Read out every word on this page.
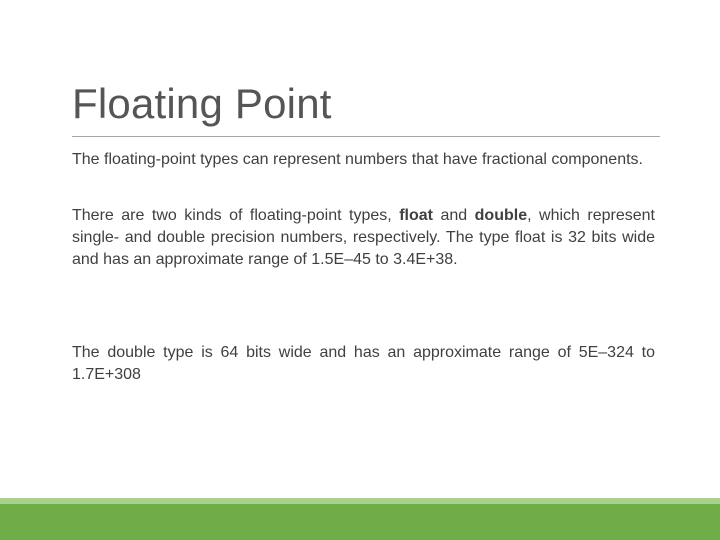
Floating Point
The floating-point types can represent numbers that have fractional components.
There are two kinds of floating-point types, float and double, which represent single- and double precision numbers, respectively. The type float is 32 bits wide and has an approximate range of 1.5E–45 to 3.4E+38.
The double type is 64 bits wide and has an approximate range of 5E–324 to 1.7E+308
